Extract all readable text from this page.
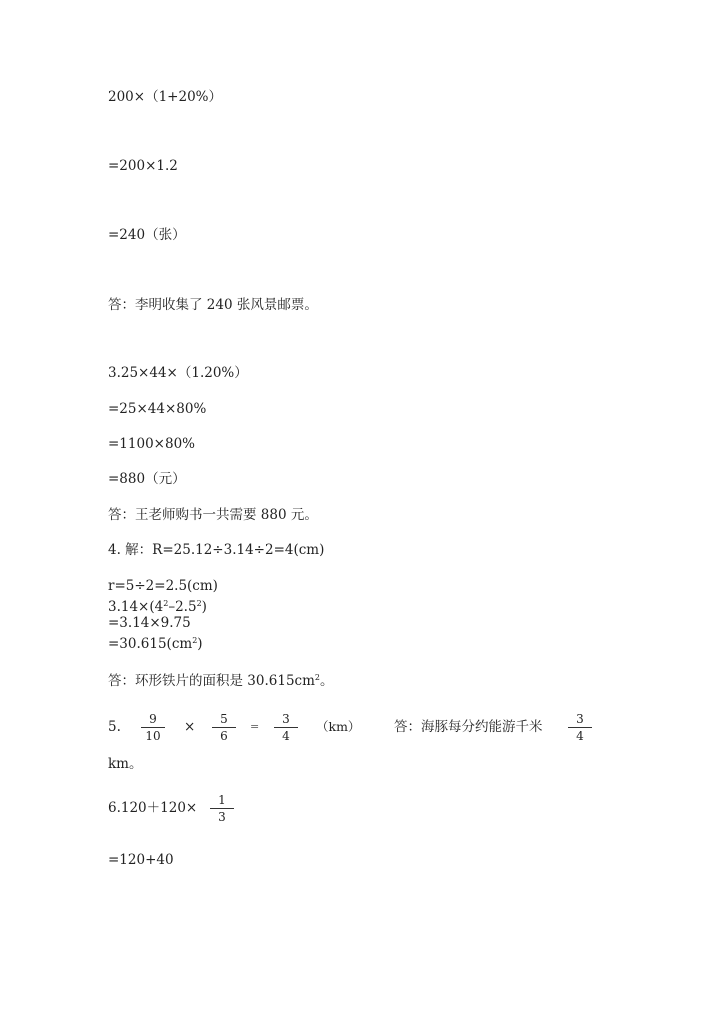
200×（1+20%）
=200×1.2
=240（张）
答：李明收集了 240 张风景邮票。
3.25×44×（1.20%）
=25×44×80%
=1100×80%
=880（元）
答：王老师购书一共需要 880 元。
4. 解：R=25.12÷3.14÷2=4(cm)
r=5÷2=2.5(cm)
$3.14\times(4^2-2.5^2)$
=3.14×9.75
$=30.615(cm^2)$
答：环形铁片的面积是 $30.615cm^2$。
5. 9
10
× 5
6
=
3
4
（km） 答：海豚每分约能游千米	3
4
km。
6.120＋120× 1
3
=120+40
